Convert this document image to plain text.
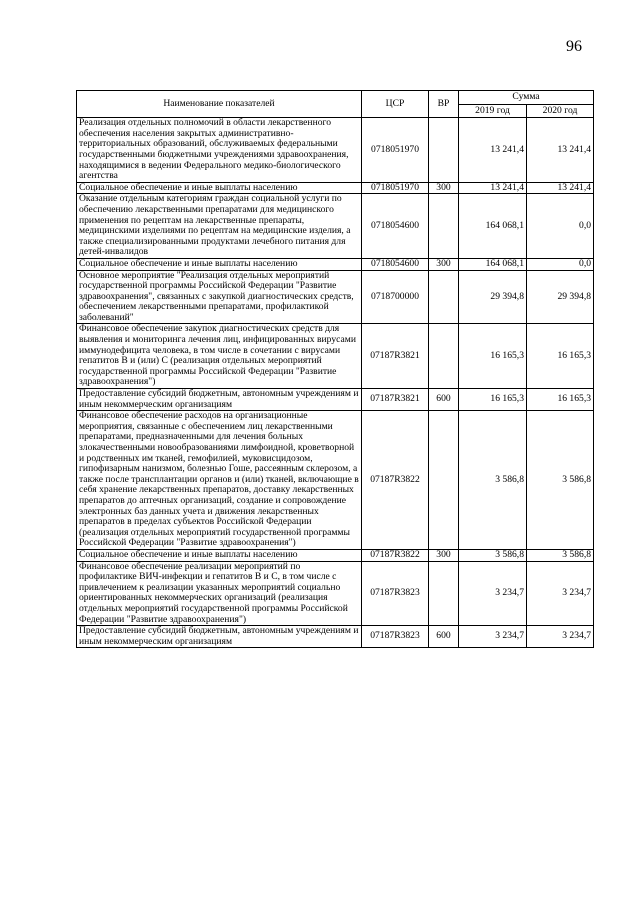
96
Наименование показателей	ЦСР	ВР	Сумма	
			2019 год	2020 год
Реализация отдельных полномочий в области лекарственного обеспечения населения закрытых административно-территориальных образований, обслуживаемых федеральными государственными бюджетными учреждениями здравоохранения, находящимися в ведении Федерального медико-биологического агентства	0718051970		13 241,4	13 241,4
Социальное обеспечение и иные выплаты населению	0718051970	300	13 241,4	13 241,4
Оказание отдельным категориям граждан социальной услуги по обеспечению лекарственными препаратами для медицинского применения по рецептам на лекарственные препараты, медицинскими изделиями по рецептам на медицинские изделия, а также специализированными продуктами лечебного питания для детей-инвалидов	0718054600		164 068,1	0,0
Социальное обеспечение и иные выплаты населению	0718054600	300	164 068,1	0,0
Основное мероприятие "Реализация отдельных мероприятий государственной программы Российской Федерации "Развитие здравоохранения", связанных с закупкой диагностических средств, обеспечением лекарственными препаратами, профилактикой заболеваний"	0718700000		29 394,8	29 394,8
Финансовое обеспечение закупок диагностических средств для выявления и мониторинга лечения лиц, инфицированных вирусами иммунодефицита человека, в том числе в сочетании с вирусами гепатитов B и (или) C (реализация отдельных мероприятий государственной программы Российской Федерации "Развитие здравоохранения")	07187R3821		16 165,3	16 165,3
Предоставление субсидий бюджетным, автономным учреждениям и иным некоммерческим организациям	07187R3821	600	16 165,3	16 165,3
Финансовое обеспечение расходов на организационные мероприятия, связанные с обеспечением лиц лекарственными препаратами, предназначенными для лечения больных злокачественными новообразованиями лимфоидной, кроветворной и родственных им тканей, гемофилией, муковисцидозом, гипофизарным нанизмом, болезнью Гоше, рассеянным склерозом, а также после трансплантации органов и (или) тканей, включающие в себя хранение лекарственных препаратов, доставку лекарственных препаратов до аптечных организаций, создание и сопровождение электронных баз данных учета и движения лекарственных препаратов в пределах субъектов Российской Федерации (реализация отдельных мероприятий государственной программы Российской Федерации "Развитие здравоохранения")	07187R3822		3 586,8	3 586,8
Социальное обеспечение и иные выплаты населению	07187R3822	300	3 586,8	3 586,8
Финансовое обеспечение реализации мероприятий по профилактике ВИЧ-инфекции и гепатитов B и C, в том числе с привлечением к реализации указанных мероприятий социально ориентированных некоммерческих организаций (реализация отдельных мероприятий государственной программы Российской Федерации "Развитие здравоохранения")	07187R3823		3 234,7	3 234,7
Предоставление субсидий бюджетным, автономным учреждениям и иным некоммерческим организациям	07187R3823	600	3 234,7	3 234,7
